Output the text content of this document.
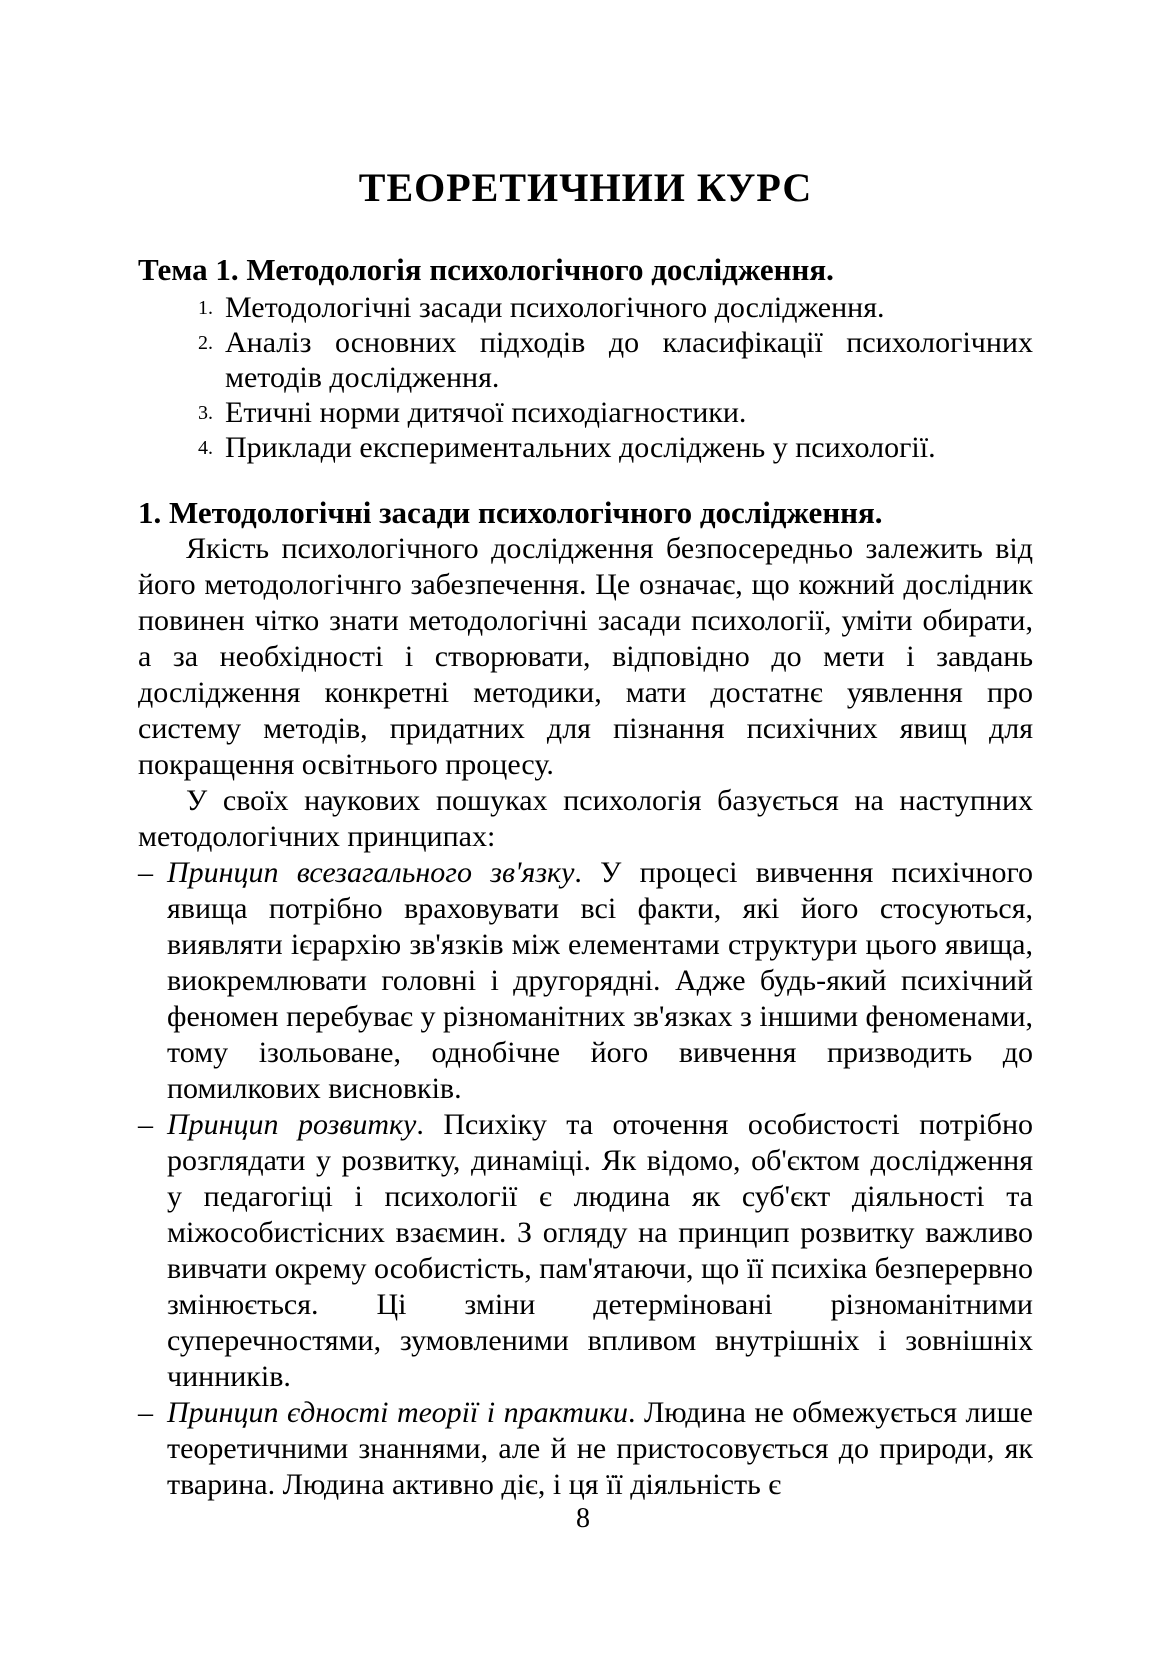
ТЕОРЕТИЧНИИ КУРС
Тема 1. Методологія психологічного дослідження.
1. Методологічні засади психологічного дослідження.
2. Аналіз основних підходів до класифікації психологічних методів дослідження.
3. Етичні норми дитячої психодіагностики.
4. Приклади експериментальних досліджень у психології.
1. Методологічні засади психологічного дослідження.

Якість психологічного дослідження безпосередньо залежить від його методологічнго забезпечення. Це означає, що кожний дослідник повинен чітко знати методологічні засади психології, уміти обирати, а за необхідності і створювати, відповідно до мети і завдань дослідження конкретні методики, мати достатнє уявлення про систему методів, придатних для пізнання психічних явищ для покращення освітнього процесу.

У своїх наукових пошуках психологія базується на наступних методологічних принципах:

– Принцип всезагального зв'язку. У процесі вивчення психічного явища потрібно враховувати всі факти, які його стосуються, виявляти ієрархію зв'язків між елементами структури цього явища, виокремлювати головні і другорядні. Адже будь-який психічний феномен перебуває у різноманітних зв'язках з іншими феноменами, тому ізольоване, однобічне його вивчення призводить до помилкових висновків.
– Принцип розвитку. Психіку та оточення особистості потрібно розглядати у розвитку, динаміці. Як відомо, об'єктом дослідження у педагогіці і психології є людина як суб'єкт діяльності та міжособистісних взаємин. З огляду на принцип розвитку важливо вивчати окрему особистість, пам'ятаючи, що її психіка безперервно змінюється. Ці зміни детерміновані різноманітними суперечностями, зумовленими впливом внутрішніх і зовнішніх чинників.
– Принцип єдності теорії і практики. Людина не обмежується лише теоретичними знаннями, але й не пристосовується до природи, як тварина. Людина активно діє, і ця її діяльність є
8
